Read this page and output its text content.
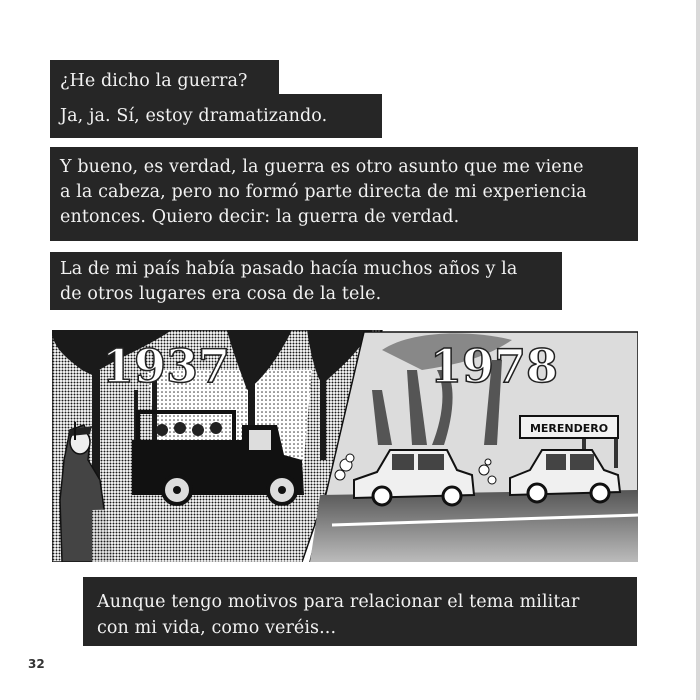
¿He dicho la guerra?
Ja, ja. Sí, estoy dramatizando.
Y bueno, es verdad, la guerra es otro asunto que me viene
a la cabeza, pero no formó parte directa de mi experiencia
entonces. Quiero decir: la guerra de verdad.
La de mi país había pasado hacía muchos años y la
de otros lugares era cosa de la tele.
1937
MERENDERO
1978
Aunque tengo motivos para relacionar el tema militar
con mi vida, como veréis...
32
